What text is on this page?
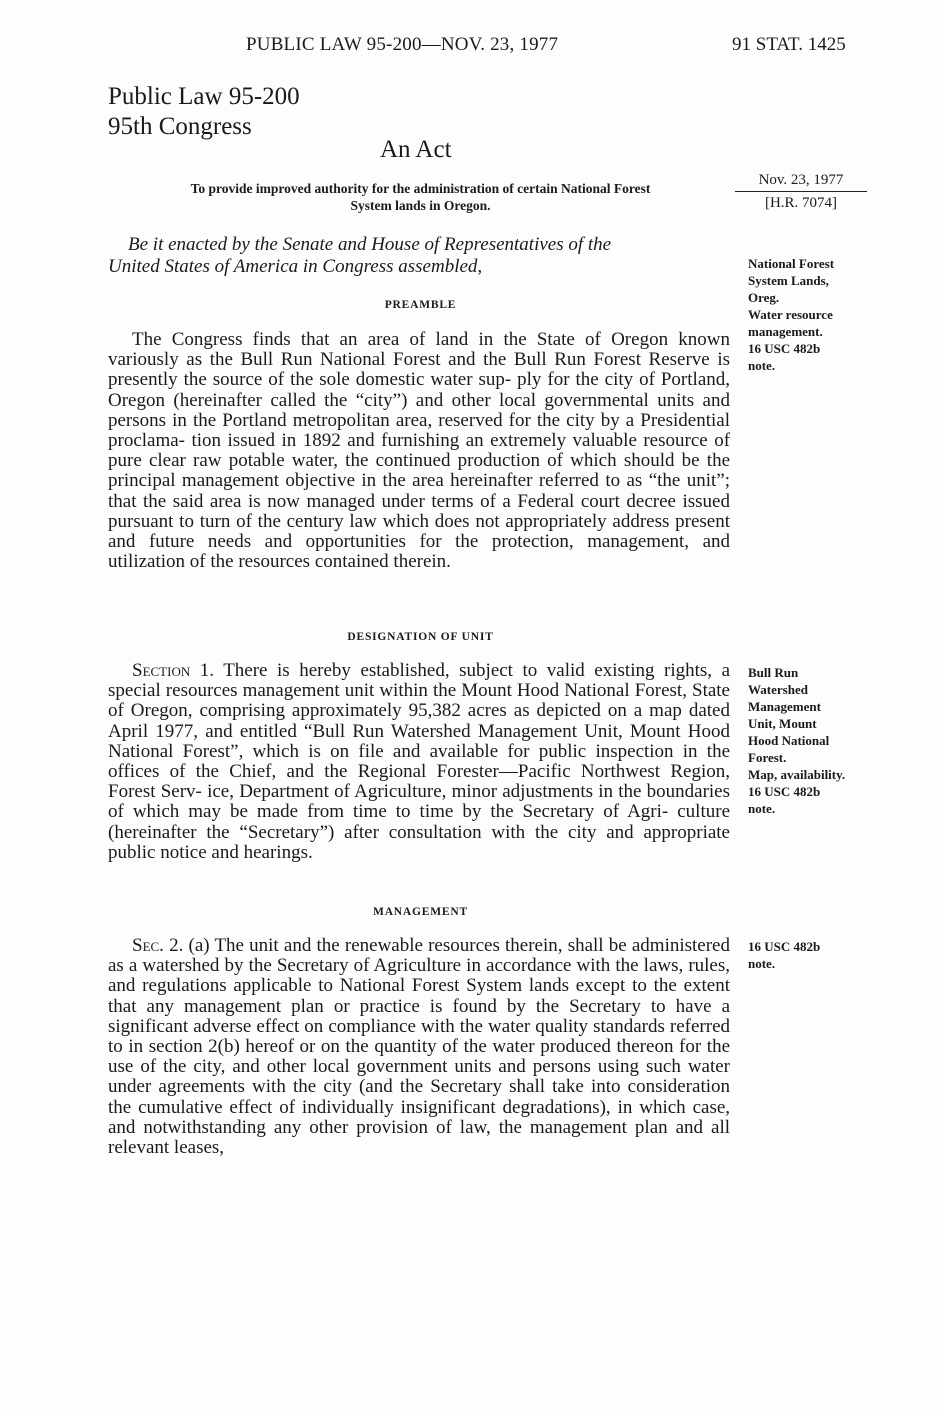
PUBLIC LAW 95-200—NOV. 23, 1977	91 STAT. 1425
Public Law 95-200
95th Congress
An Act
To provide improved authority for the administration of certain National Forest
System lands in Oregon.
Nov. 23, 1977
[H.R. 7074]
Be it enacted by the Senate and House of Representatives of the
United States of America in Congress assembled,	National Forest
System Lands,
Oreg.
Water resource
management.
16 USC 482b
note.
PREAMBLE
The Congress finds that an area of land in the State of Oregon known variously as the Bull Run National Forest and the Bull Run Forest Reserve is presently the source of the sole domestic water sup- ply for the city of Portland, Oregon (hereinafter called the “city”) and other local governmental units and persons in the Portland metropolitan area, reserved for the city by a Presidential proclama- tion issued in 1892 and furnishing an extremely valuable resource of pure clear raw potable water, the continued production of which should be the principal management objective in the area hereinafter referred to as “the unit”; that the said area is now managed under terms of a Federal court decree issued pursuant to turn of the century law which does not appropriately address present and future needs and opportunities for the protection, management, and utilization of the resources contained therein.
DESIGNATION OF UNIT
Bull Run
Watershed
Management
Unit, Mount
Hood National
Forest.
Map, availability.
16 USC 482b
note.
Section 1. There is hereby established, subject to valid existing rights, a special resources management unit within the Mount Hood National Forest, State of Oregon, comprising approximately 95,382 acres as depicted on a map dated April 1977, and entitled “Bull Run Watershed Management Unit, Mount Hood National Forest”, which is on file and available for public inspection in the offices of the Chief, and the Regional Forester—Pacific Northwest Region, Forest Serv- ice, Department of Agriculture, minor adjustments in the boundaries of which may be made from time to time by the Secretary of Agri- culture (hereinafter the “Secretary”) after consultation with the city and appropriate public notice and hearings.
MANAGEMENT
16 USC 482b
note.
Sec. 2. (a) The unit and the renewable resources therein, shall be administered as a watershed by the Secretary of Agriculture in accordance with the laws, rules, and regulations applicable to National Forest System lands except to the extent that any management plan or practice is found by the Secretary to have a significant adverse effect on compliance with the water quality standards referred to in section 2(b) hereof or on the quantity of the water produced thereon for the use of the city, and other local government units and persons using such water under agreements with the city (and the Secretary shall take into consideration the cumulative effect of individually insignificant degradations), in which case, and notwithstanding any other provision of law, the management plan and all relevant leases,
